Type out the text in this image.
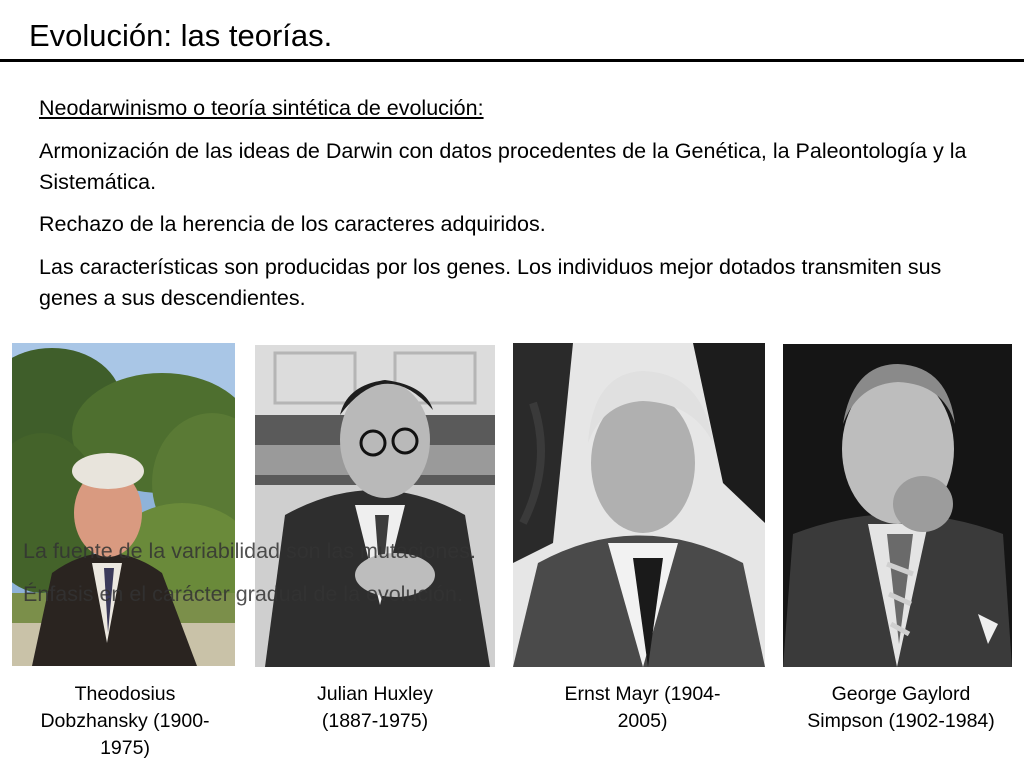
Evolución: las teorías.

Neodarwinismo o teoría sintética de evolución:

Armonización de las ideas de Darwin con datos procedentes de la Genética, la Paleontología y la Sistemática.

Rechazo de la herencia de los caracteres adquiridos.

Las características son producidas por los genes. Los individuos mejor dotados transmiten sus genes a sus descendientes.

La fuente de la variabilidad son las mutaciones.
Énfasis en el carácter gradual de la evolución.
Theodosius Dobzhansky (1900-1975)
Julian Huxley (1887-1975)
Ernst Mayr (1904-2005)
George Gaylord Simpson (1902-1984)
